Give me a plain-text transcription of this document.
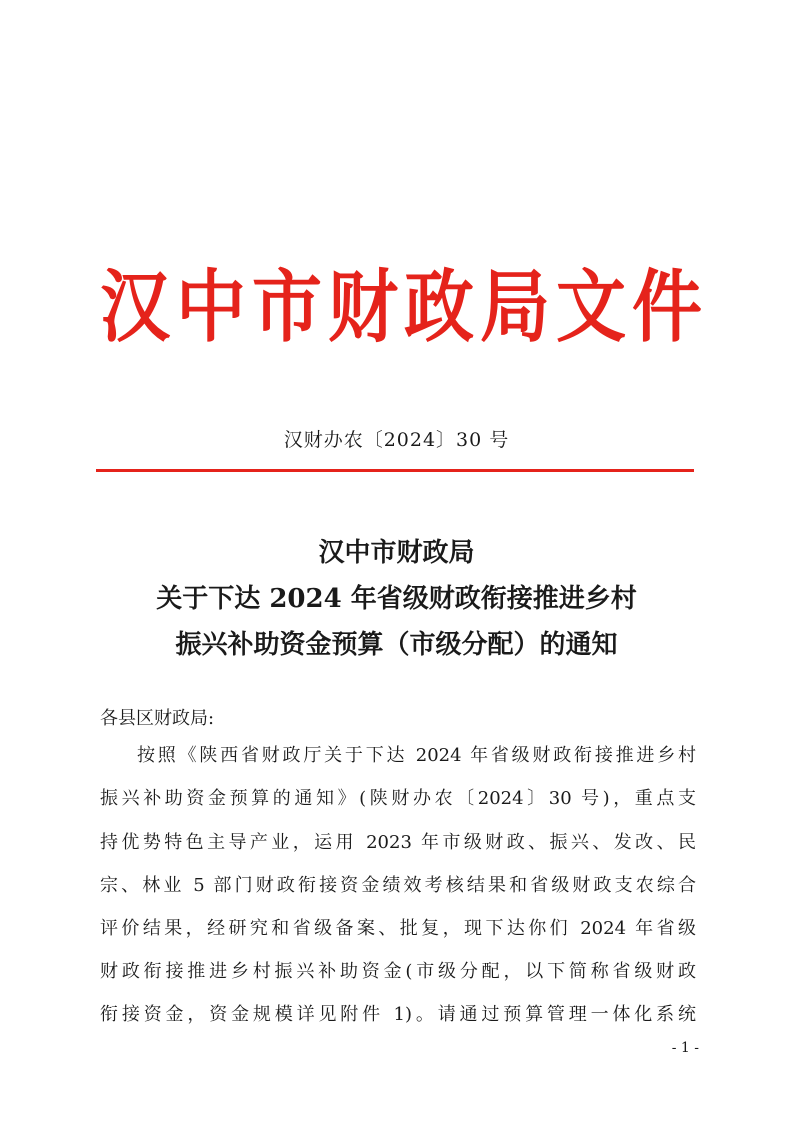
汉中市财政局文件
汉财办农〔2024〕30 号
汉中市财政局
关于下达 2024 年省级财政衔接推进乡村
振兴补助资金预算（市级分配）的通知
各县区财政局:
按照《陕西省财政厅关于下达 2024 年省级财政衔接推进乡村
振兴补助资金预算的通知》(陕财办农〔2024〕30 号)，重点支
持优势特色主导产业，运用 2023 年市级财政、振兴、发改、民
宗、林业 5 部门财政衔接资金绩效考核结果和省级财政支农综合
评价结果，经研究和省级备案、批复，现下达你们 2024 年省级
财政衔接推进乡村振兴补助资金(市级分配，以下简称省级财政
衔接资金，资金规模详见附件 1)。请通过预算管理一体化系统
- 1 -
